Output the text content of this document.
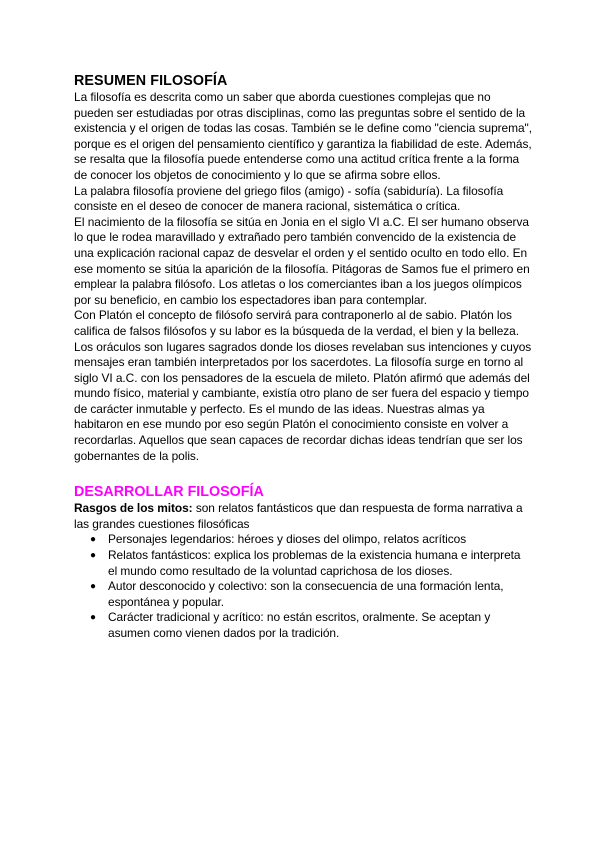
RESUMEN FILOSOFÍA

La filosofía es descrita como un saber que aborda cuestiones complejas que no pueden ser estudiadas por otras disciplinas, como las preguntas sobre el sentido de la existencia y el origen de todas las cosas. También se le define como "ciencia suprema", porque es el origen del pensamiento científico y garantiza la fiabilidad de este. Además, se resalta que la filosofía puede entenderse como una actitud crítica frente a la forma de conocer los objetos de conocimiento y lo que se afirma sobre ellos.

La palabra filosofía proviene del griego filos (amigo) - sofía (sabiduría). La filosofía consiste en el deseo de conocer de manera racional, sistemática o crítica.

El nacimiento de la filosofía se sitúa en Jonia en el siglo VI a.C. El ser humano observa lo que le rodea maravillado y extrañado pero también convencido de la existencia de una explicación racional capaz de desvelar el orden y el sentido oculto en todo ello. En ese momento se sitúa la aparición de la filosofía. Pitágoras de Samos fue el primero en emplear la palabra filósofo. Los atletas o los comerciantes iban a los juegos olímpicos por su beneficio, en cambio los espectadores iban para contemplar.

Con Platón el concepto de filósofo servirá para contraponerlo al de sabio. Platón los califica de falsos filósofos y su labor es la búsqueda de la verdad, el bien y la belleza. Los oráculos son lugares sagrados donde los dioses revelaban sus intenciones y cuyos mensajes eran también interpretados por los sacerdotes. La filosofía surge en torno al siglo VI a.C. con los pensadores de la escuela de mileto. Platón afirmó que además del mundo físico, material y cambiante, existía otro plano de ser fuera del espacio y tiempo de carácter inmutable y perfecto. Es el mundo de las ideas. Nuestras almas ya habitaron en ese mundo por eso según Platón el conocimiento consiste en volver a recordarlas. Aquellos que sean capaces de recordar dichas ideas tendrían que ser los gobernantes de la polis.

DESARROLLAR FILOSOFÍA

Rasgos de los mitos: son relatos fantásticos que dan respuesta de forma narrativa a las grandes cuestiones filosóficas

● Personajes legendarios: héroes y dioses del olimpo, relatos acríticos
● Relatos fantásticos: explica los problemas de la existencia humana e interpreta el mundo como resultado de la voluntad caprichosa de los dioses.
● Autor desconocido y colectivo: son la consecuencia de una formación lenta, espontánea y popular.
● Carácter tradicional y acrítico: no están escritos, oralmente. Se aceptan y asumen como vienen dados por la tradición.
